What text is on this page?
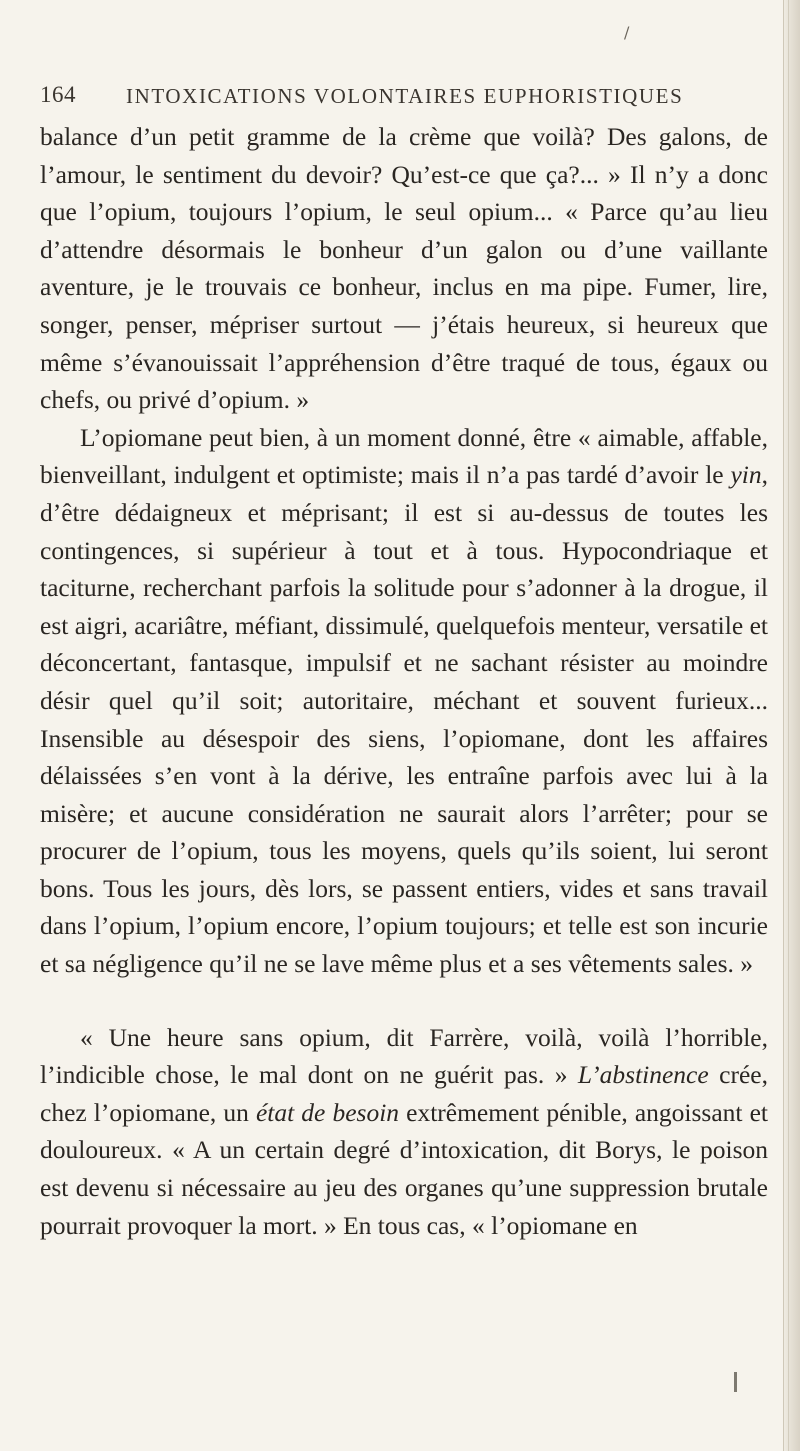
/
164 INTOXICATIONS VOLONTAIRES EUPHORISTIQUES
balance d’un petit gramme de la crème que voilà? Des galons, de l’amour, le sentiment du devoir? Qu’est-ce que ça?... » Il n’y a donc que l’opium, toujours l’opium, le seul opium... « Parce qu’au lieu d’attendre désormais le bonheur d’un galon ou d’une vaillante aventure, je le trouvais ce bonheur, inclus en ma pipe. Fumer, lire, songer, penser, mépriser surtout — j’étais heureux, si heureux que même s’évanouissait l’appréhension d’être traqué de tous, égaux ou chefs, ou privé d’opium. »
L’opiomane peut bien, à un moment donné, être « aimable, affable, bienveillant, indulgent et optimiste; mais il n’a pas tardé d’avoir le yin, d’être dédaigneux et méprisant; il est si au-dessus de toutes les contingences, si supérieur à tout et à tous. Hypocondriaque et taciturne, recherchant parfois la solitude pour s’adonner à la drogue, il est aigri, acariâtre, méfiant, dissimulé, quelquefois menteur, versatile et déconcertant, fantasque, impulsif et ne sachant résister au moindre désir quel qu’il soit; autoritaire, méchant et souvent furieux... Insensible au désespoir des siens, l’opiomane, dont les affaires délaissées s’en vont à la dérive, les entraîne parfois avec lui à la misère; et aucune considération ne saurait alors l’arrêter; pour se procurer de l’opium, tous les moyens, quels qu’ils soient, lui seront bons. Tous les jours, dès lors, se passent entiers, vides et sans travail dans l’opium, l’opium encore, l’opium toujours; et telle est son incurie et sa négligence qu’il ne se lave même plus et a ses vêtements sales. »
« Une heure sans opium, dit Farrère, voilà, voilà l’horrible, l’indicible chose, le mal dont on ne guérit pas. » L’abstinence crée, chez l’opiomane, un état de besoin extrêmement pénible, angoissant et douloureux. « A un certain degré d’intoxication, dit Borys, le poison est devenu si nécessaire au jeu des organes qu’une suppression brutale pourrait provoquer la mort. » En tous cas, « l’opiomane en
